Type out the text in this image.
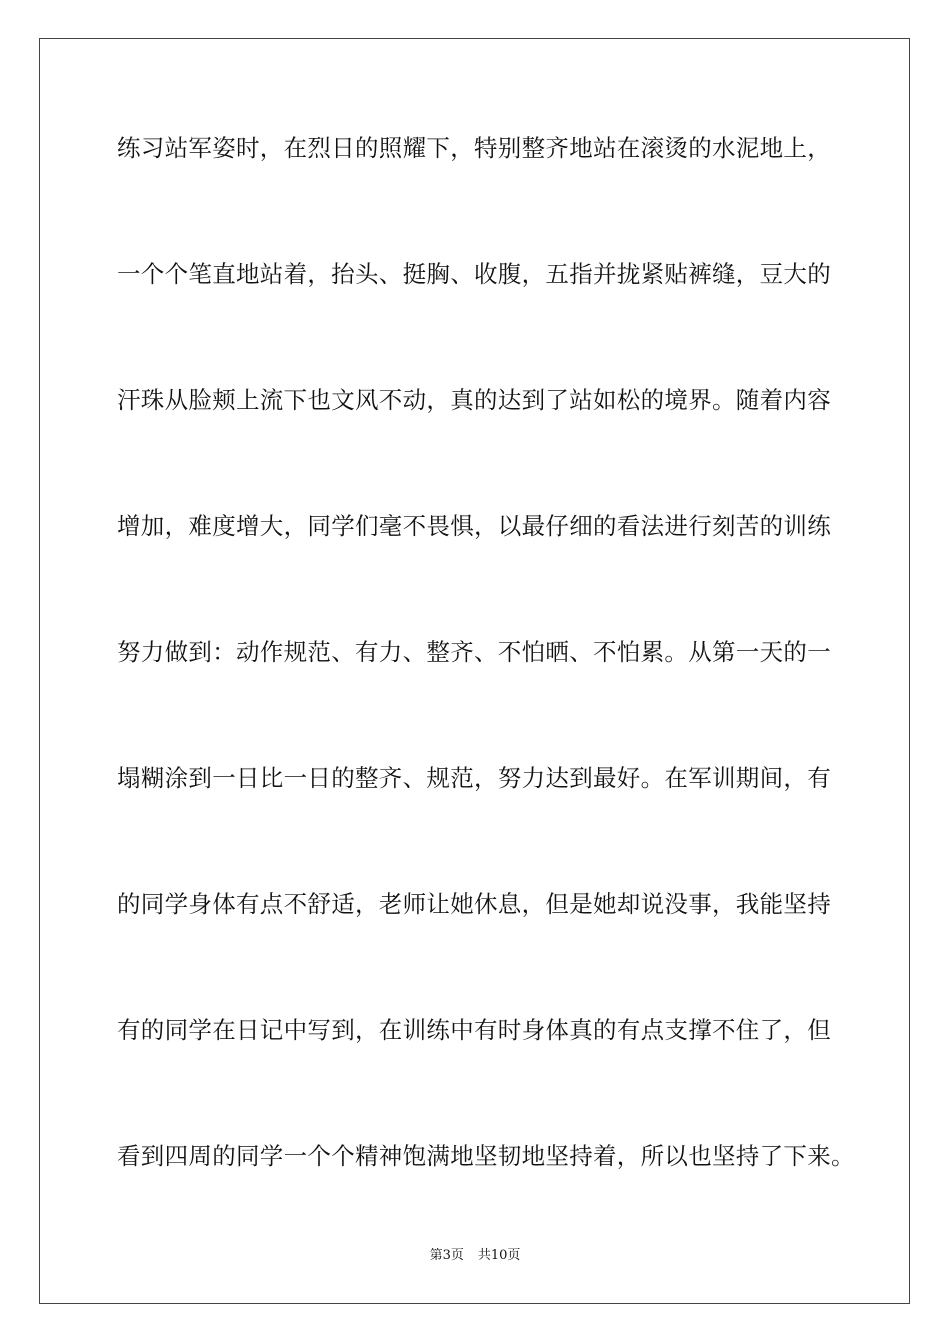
练习站军姿时，在烈日的照耀下，特别整齐地站在滚烫的水泥地上，
一个个笔直地站着，抬头、挺胸、收腹，五指并拢紧贴裤缝，豆大的
汗珠从脸颊上流下也文风不动，真的达到了站如松的境界。随着内容
增加，难度增大，同学们毫不畏惧，以最仔细的看法进行刻苦的训练
努力做到：动作规范、有力、整齐、不怕晒、不怕累。从第一天的一
塌糊涂到一日比一日的整齐、规范，努力达到最好。在军训期间，有
的同学身体有点不舒适，老师让她休息，但是她却说没事，我能坚持
有的同学在日记中写到，在训练中有时身体真的有点支撑不住了，但
看到四周的同学一个个精神饱满地坚韧地坚持着，所以也坚持了下来。
第3页 共10页
